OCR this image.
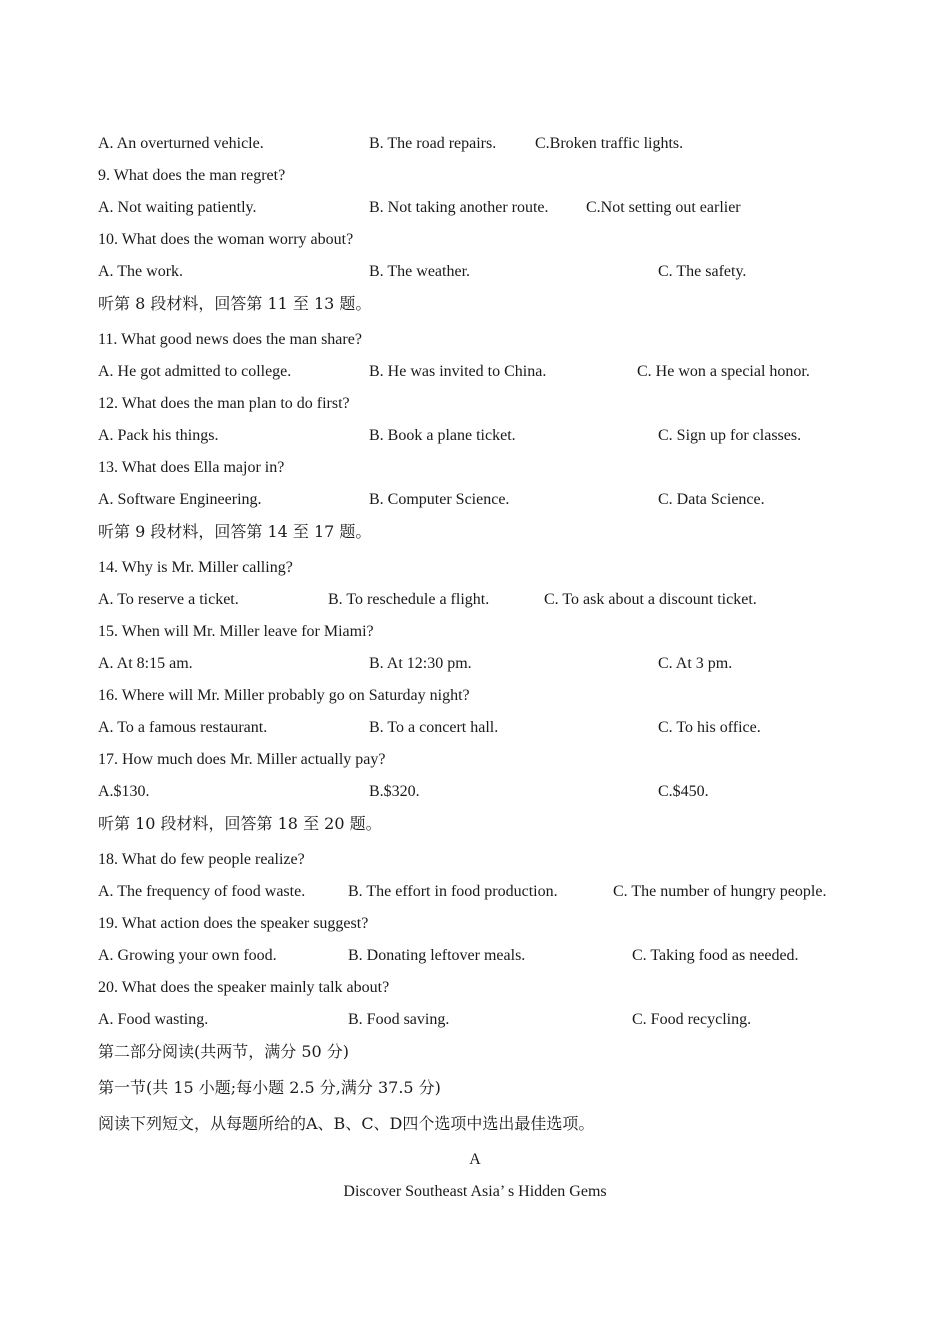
A. An overturned vehicle.	B. The road repairs. C.Broken traffic lights.
9. What does the man regret?
A. Not waiting patiently.	B. Not taking another route. C.Not setting out earlier
10. What does the woman worry about?
A. The work.	B. The weather.	C. The safety.
听第 8 段材料，回答第 11 至 13 题。
11. What good news does the man share?
A. He got admitted to college.	B. He was invited to China.	C. He won a special honor.
12. What does the man plan to do first?
A. Pack his things.	B. Book a plane ticket.	C. Sign up for classes.
13. What does Ella major in?
A. Software Engineering.	B. Computer Science.	C. Data Science.
听第 9 段材料，回答第 14 至 17 题。
14. Why is Mr. Miller calling?
A. To reserve a ticket.	B. To reschedule a flight.	C. To ask about a discount ticket.
15. When will Mr. Miller leave for Miami?
A. At 8:15 am.	B. At 12:30 pm.	C. At 3 pm.
16. Where will Mr. Miller probably go on Saturday night?
A. To a famous restaurant.	B. To a concert hall.	C. To his office.
17. How much does Mr. Miller actually pay?
A.$130.	B.$320.	C.$450.
听第 10 段材料，回答第 18 至 20 题。
18. What do few people realize?
A. The frequency of food waste.	B. The effort in food production.	C. The number of hungry people.
19. What action does the speaker suggest?
A. Growing your own food.	B. Donating leftover meals.	C. Taking food as needed.
20. What does the speaker mainly talk about?
A. Food wasting.	B. Food saving.	C. Food recycling.
第二部分阅读(共两节，满分 50 分)
第一节(共 15 小题;每小题 2.5 分,满分 37.5 分)
阅读下列短文，从每题所给的A、B、C、D四个选项中选出最佳选项。
A
Discover Southeast Asia’ s Hidden Gems
